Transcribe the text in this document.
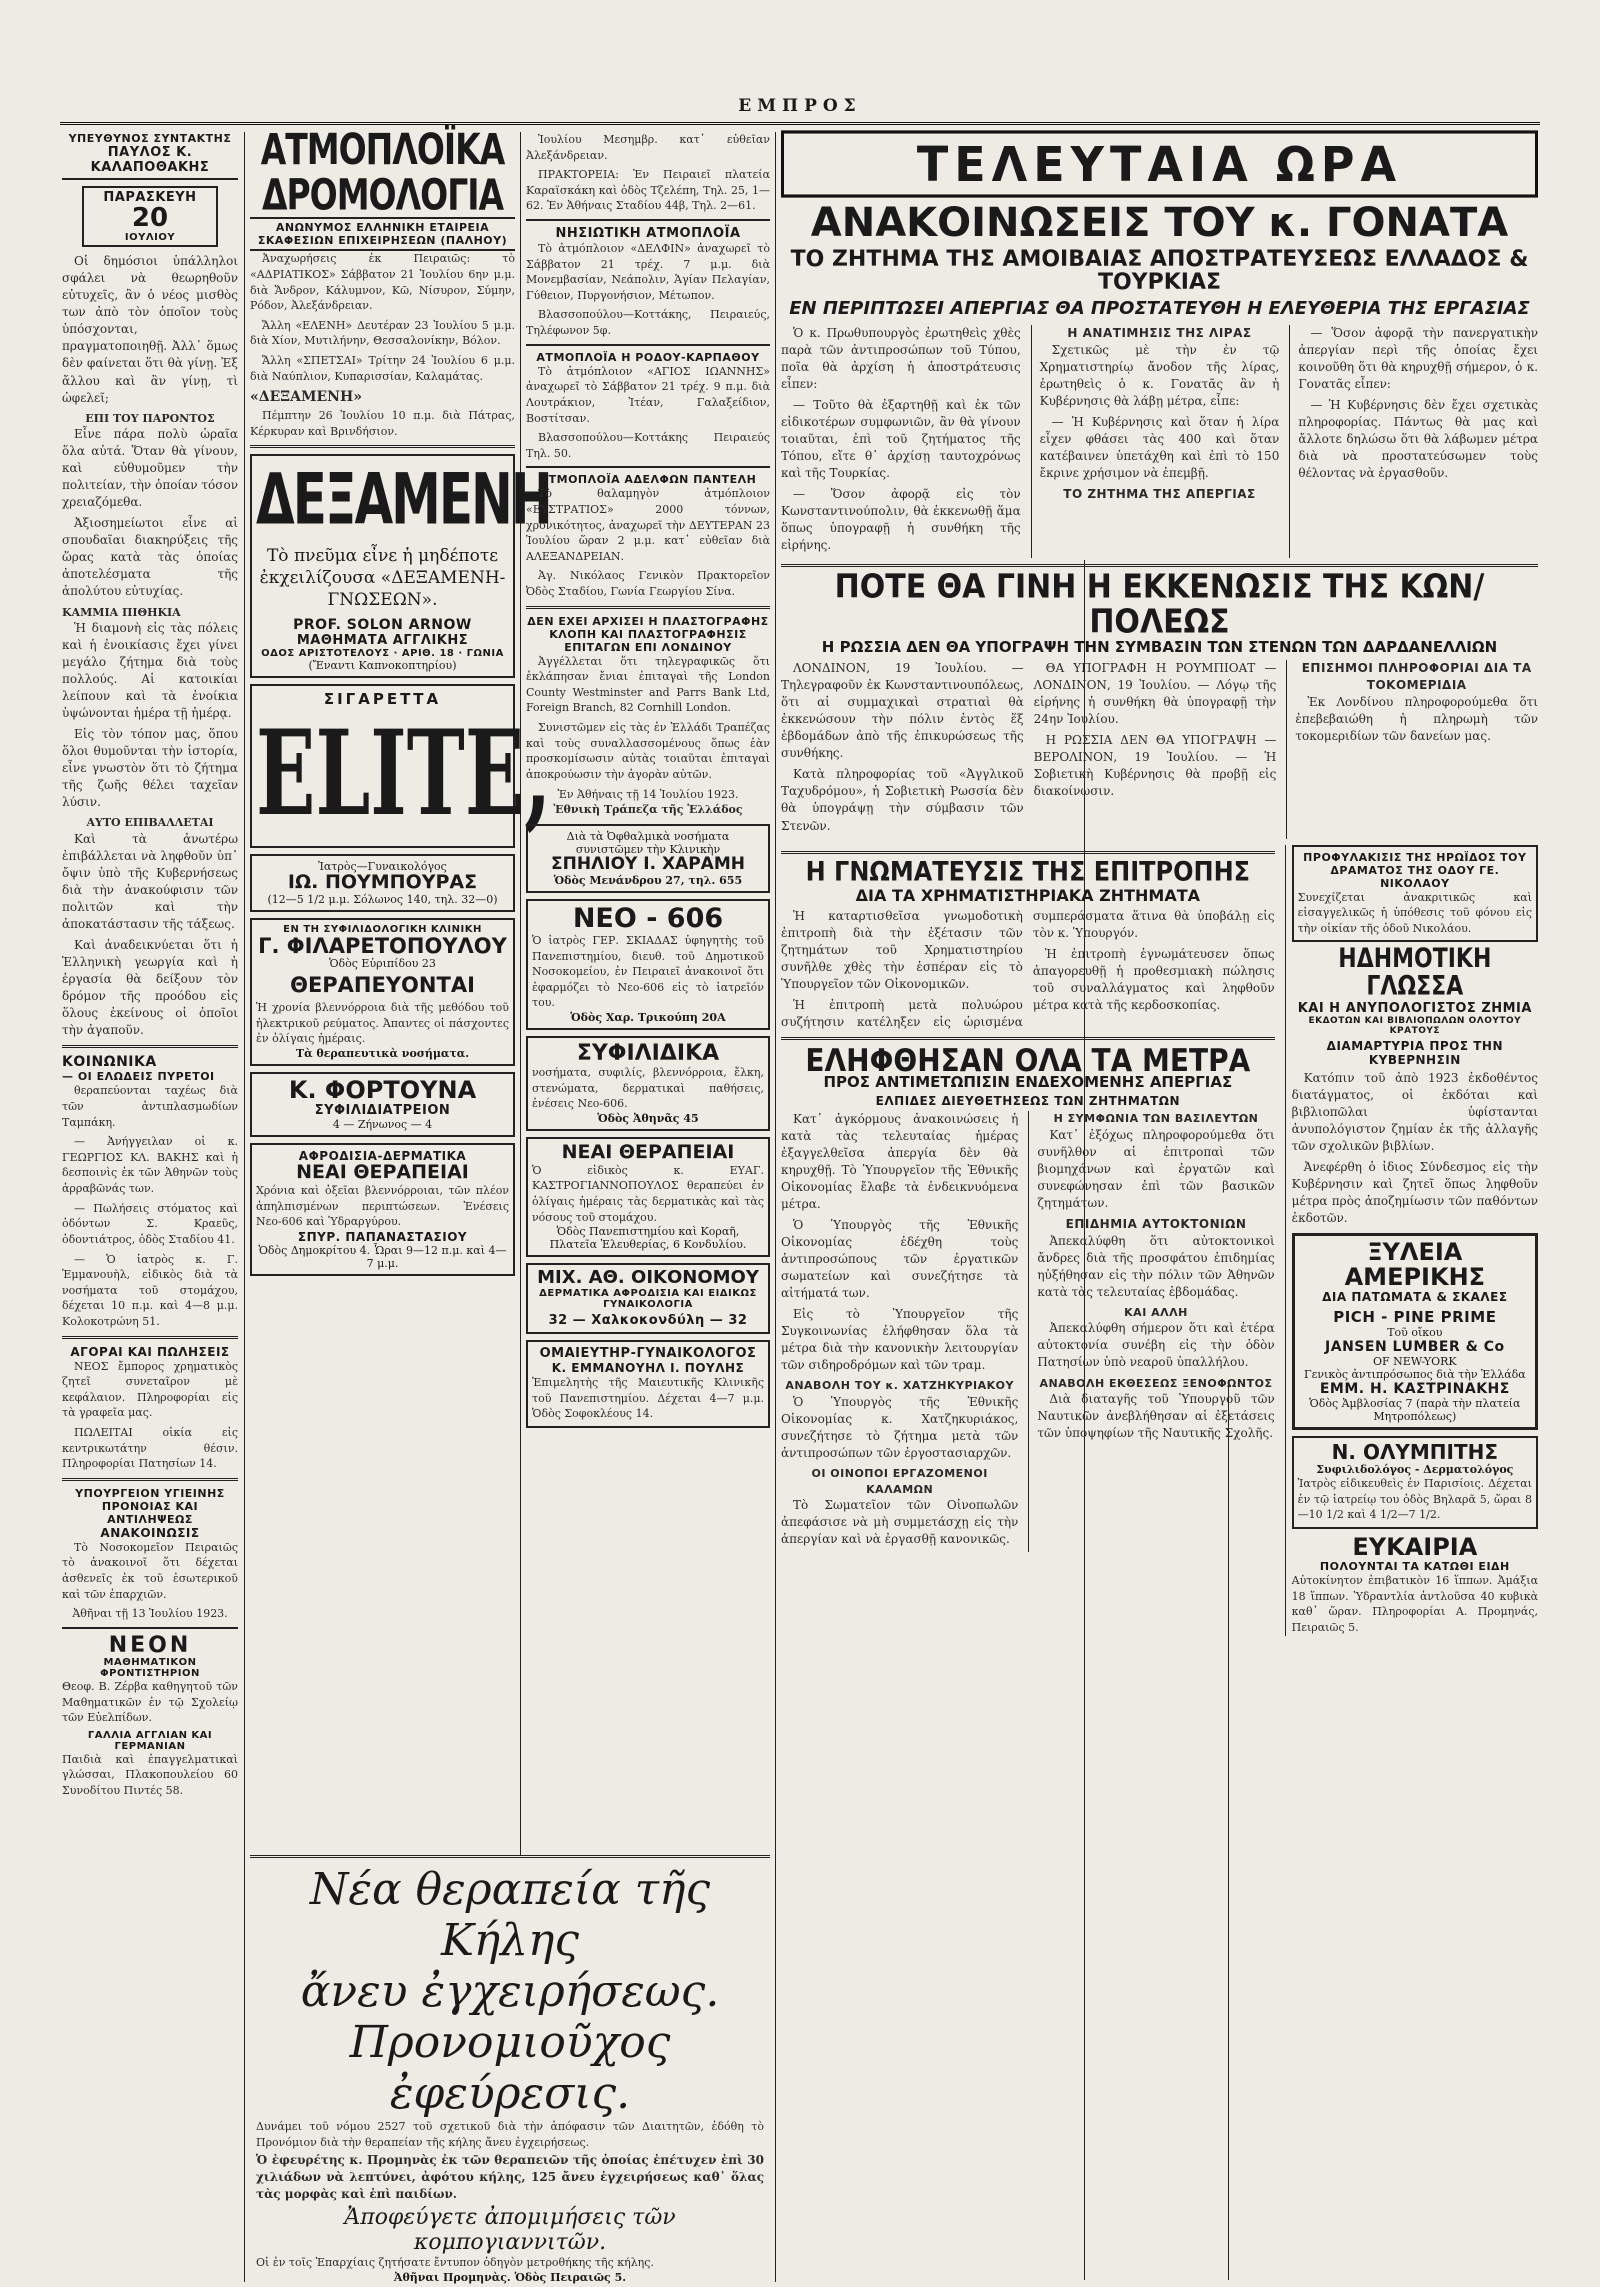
ΕΜΠΡΟΣ
ΥΠΕΥΘΥΝΟΣ ΣΥΝΤΑΚΤΗΣ
ΠΑΥΛΟΣ Κ. ΚΑΛΑΠΟΘΑΚΗΣ
ΠΑΡΑΣΚΕΥΗ
20
ΙΟΥΛΙΟΥ

Οἱ δημόσιοι ὑπάλληλοι σφάλει νὰ θεωρηθοῦν εὐτυχεῖς, ἂν ὁ νέος μισθὸς των ἀπὸ τὸν ὁποῖον τοὺς ὑπόσχονται, πραγματοποιηθῇ. Ἀλλ᾽ ὅμως δὲν φαίνεται ὅτι θὰ γίνῃ. Ἐξ ἄλλου καὶ ἂν γίνῃ, τὶ ὠφελεῖ;

ΕΠΙ ΤΟΥ ΠΑΡΟΝΤΟΣ

Εἶνε πάρα πολὺ ὡραῖα ὅλα αὐτά. Ὅταν θὰ γίνουν, καὶ εὐθυμοῦμεν τὴν πολιτείαν, τὴν ὁποίαν τόσον χρειαζόμεθα.

Ἀξιοσημείωτοι εἶνε αἱ σπουδαῖαι διακηρύξεις τῆς ὥρας κατὰ τὰς ὁποίας ἀποτελέσματα τῆς ἀπολύτου εὐτυχίας.

ΚΑΜΜΙΑ ΠΙΘΗΚΙΑ

Ἡ διαμονὴ εἰς τὰς πόλεις καὶ ἡ ἐνοικίασις ἔχει γίνει μεγάλο ζήτημα διὰ τοὺς πολλούς. Αἱ κατοικίαι λείπουν καὶ τὰ ἐνοίκια ὑψώνονται ἡμέρα τῇ ἡμέρᾳ.

Εἰς τὸν τόπον μας, ὅπου ὅλοι θυμοῦνται τὴν ἱστορία, εἶνε γνωστὸν ὅτι τὸ ζήτημα τῆς ζωῆς θέλει ταχεῖαν λύσιν.

ΑΥΤΟ ΕΠΙΒΑΛΛΕΤΑΙ

Καὶ τὰ ἀνωτέρω ἐπιβάλλεται νὰ ληφθοῦν ὑπ᾽ ὄψιν ὑπὸ τῆς Κυβερνήσεως διὰ τὴν ἀνακούφισιν τῶν πολιτῶν καὶ τὴν ἀποκατάστασιν τῆς τάξεως.

Καὶ ἀναδεικνύεται ὅτι ἡ Ἑλληνικὴ γεωργία καὶ ἡ ἐργασία θὰ δείξουν τὸν δρόμον τῆς προόδου εἰς ὅλους ἐκείνους οἱ ὁποῖοι τὴν ἀγαποῦν.

ΚΟΙΝΩΝΙΚΑ
— ΟΙ ΕΛΩΔΕΙΣ ΠΥΡΕΤΟΙ

θεραπεύονται ταχέως διὰ τῶν ἀντιπλασμωδίων Ταμπάκη.

— Ἀνήγγειλαν οἱ κ. ΓΕΩΡΓΙΟΣ ΚΛ. ΒΑΚΗΣ καὶ ἡ δεσποινὶς ἑκ τῶν Ἀθηνῶν τοὺς ἀρραβῶνάς των.

— Πωλήσεις στόματος καὶ ὀδόντων Σ. Κραεῦς, ὀδοντιάτρος, ὁδὸς Σταδίου 41.

— Ὁ ἰατρὸς κ. Γ. Ἐμμανουὴλ, εἰδικὸς διὰ τὰ νοσήματα τοῦ στομάχου, δέχεται 10 π.μ. καὶ 4—8 μ.μ. Κολοκοτρώνη 51.

ΑΓΟΡΑΙ ΚΑΙ ΠΩΛΗΣΕΙΣ

ΝΕΟΣ ἔμπορος χρηματικὸς ζητεῖ συνεταῖρον μὲ κεφάλαιον. Πληροφορίαι εἰς τὰ γραφεῖα μας.

ΠΩΛΕΙΤΑΙ οἰκία εἰς κεντρικωτάτην θέσιν. Πληροφορίαι Πατησίων 14.

ΥΠΟΥΡΓΕΙΟΝ ΥΓΙΕΙΝΗΣ ΠΡΟΝΟΙΑΣ ΚΑΙ ΑΝΤΙΛΗΨΕΩΣ
ΑΝΑΚΟΙΝΩΣΙΣ

Τὸ Νοσοκομεῖον Πειραιῶς τὸ ἀνακοινοῖ ὅτι δέχεται ἀσθενεῖς ἐκ τοῦ ἐσωτερικοῦ καὶ τῶν ἐπαρχιῶν.

Ἀθῆναι τῇ 13 Ἰουλίου 1923.
ΝΕΟΝ
ΜΑΘΗΜΑΤΙΚΟΝ ΦΡΟΝΤΙΣΤΗΡΙΟΝ
Θεοφ. Β. Ζέρβα καθηγητοῦ τῶν Μαθηματικῶν ἐν τῷ Σχολείῳ τῶν Εὐελπίδων.
ΓΑΛΛΙΑ ΑΓΓΛΙΑΝ ΚΑΙ ΓΕΡΜΑΝΙΑΝ
Παιδιὰ καὶ ἐπαγγελματικαὶ γλώσσαι, Πλακοπουλείου 60 Συνοδίτου Πιντές 58.
ΑΤΜΟΠΛΟΪΚΑ ΔΡΟΜΟΛΟΓΙΑ
ΑΝΩΝΥΜΟΣ ΕΛΛΗΝΙΚΗ ΕΤΑΙΡΕΙΑ ΣΚΑΦΕΣΙΩΝ ΕΠΙΧΕΙΡΗΣΕΩΝ (ΠΑΛΗΟΥ)

Ἀναχωρήσεις ἐκ Πειραιῶς: τὸ «ΑΔΡΙΑΤΙΚΟΣ» Σάββατον 21 Ἰουλίου 6ην μ.μ. διὰ Ἄνδρον, Κάλυμνον, Κῶ, Νίσυρον, Σύμην, Ρόδον, Ἀλεξάνδρειαν.

Ἄλλη «ΕΛΕΝΗ» Δευτέραν 23 Ἰουλίου 5 μ.μ. διὰ Χίον, Μυτιλήνην, Θεσσαλονίκην, Βόλον.

Ἄλλη «ΣΠΕΤΣΑΙ» Τρίτην 24 Ἰουλίου 6 μ.μ. διὰ Ναύπλιον, Κυπαρισσίαν, Καλαμάτας.

«ΔΕΞΑΜΕΝΗ»

Πέμπτην 26 Ἰουλίου 10 π.μ. διὰ Πάτρας, Κέρκυραν καὶ Βρινδήσιον.

ΔΕΞΑΜΕΝΗ
Τὸ πνεῦμα εἶνε ἡ μηδέποτε ἐκχειλίζουσα «ΔΕΞΑΜΕΝΗ-ΓΝΩΣΕΩΝ».
PROF. SOLON ARNOW
ΜΑΘΗΜΑΤΑ ΑΓΓΛΙΚΗΣ
ΟΔΟΣ ΑΡΙΣΤΟΤΕΛΟΥΣ · ΑΡΙΘ. 18 · ΓΩΝΙΑ
(Ἔναντι Καπνοκοπτηρίου)
ΣΙΓΑΡΕΤΤΑ
ELITE,
Ἰατρὸς—Γυναικολόγος
ΙΩ. ΠΟΥΜΠΟΥΡΑΣ
(12—5 1/2 μ.μ. Σόλωνος 140, τηλ. 32—0)
ΕΝ ΤΗ ΣΥΦΙΛΙΔΟΛΟΓΙΚΗ ΚΛΙΝΙΚΗ
Γ. ΦΙΛΑΡΕΤΟΠΟΥΛΟΥ
Ὁδὸς Εὐριπίδου 23
ΘΕΡΑΠΕΥΟΝΤΑΙ
Ἡ χρονία βλεννόρροια διὰ τῆς μεθόδου τοῦ ἠλεκτρικοῦ ρεύματος. Ἀπαντες οἱ πάσχοντες ἐν ὀλίγαις ἡμέραις.
Τὰ θεραπευτικὰ νοσήματα.
Κ. ΦΟΡΤΟΥΝΑ
ΣΥΦΙΛΙΔΙΑΤΡΕΙΟΝ
4 — Ζήνωνος — 4
ΑΦΡΟΔΙΣΙΑ-ΔΕΡΜΑΤΙΚΑ
ΝΕΑΙ ΘΕΡΑΠΕΙΑΙ
Χρόνια καὶ ὀξεῖαι βλεννόρροιαι, τῶν πλέον ἀπηλπισμένων περιπτώσεων. Ἐνέσεις Νεο-606 καὶ Ὑδραργύρου.
ΣΠΥΡ. ΠΑΠΑΝΑΣΤΑΣΙΟΥ
Ὁδὸς Δημοκρίτου 4. Ὧραι 9—12 π.μ. καὶ 4—7 μ.μ.

Ἰουλίου Μεσημβρ. κατ᾽ εὐθεῖαν Ἀλεξάνδρειαν.

ΠΡΑΚΤΟΡΕΙΑ: Ἐν Πειραιεῖ πλατεία Καραϊσκάκη καὶ ὁδὸς Τζελέπη, Τηλ. 25, 1—62. Ἐν Ἀθήναις Σταδίου 44β, Τηλ. 2—61.

ΝΗΣΙΩΤΙΚΗ ΑΤΜΟΠΛΟΪΑ

Τὸ ἀτμόπλοιον «ΔΕΛΦΙΝ» ἀναχωρεῖ τὸ Σάββατον 21 τρέχ. 7 μ.μ. διὰ Μονεμβασίαν, Νεάπολιν, Ἁγίαν Πελαγίαν, Γύθειον, Πυργονήσιον, Μέτωπον.

Βλασσοπούλου—Κοττάκης, Πειραιεύς, Τηλέφωνον 5φ.

ΑΤΜΟΠΛΟΪΑ Η ΡΟΔΟΥ-ΚΑΡΠΑΘΟΥ

Τὸ ἀτμόπλοιον «ΑΓΙΟΣ ΙΩΑΝΝΗΣ» ἀναχωρεῖ τὸ Σάββατον 21 τρέχ. 9 π.μ. διὰ Λουτράκιον, Ἰτέαν, Γαλαξείδιον, Βοστίτσαν.

Βλασσοπούλου—Κοττάκης Πειραιεύς Τηλ. 50.

ΑΤΜΟΠΛΟΪΑ ΑΔΕΛΦΩΝ ΠΑΝΤΕΛΗ

Τὸ θαλαμηγὸν ἀτμόπλοιον «ΕΥΣΤΡΑΤΙΟΣ» 2000 τόννων, χρονικότητος, ἀναχωρεῖ τὴν ΔΕΥΤΕΡΑΝ 23 Ἰουλίου ὥραν 2 μ.μ. κατ᾽ εὐθεῖαν διὰ ΑΛΕΞΑΝΔΡΕΙΑΝ.

Ἀγ. Νικόλαος Γενικὸν Πρακτορεῖον Ὀδὸς Σταδίου, Γωνία Γεωργίου Σίνα.

ΔΕΝ ΕΧΕΙ ΑΡΧΙΣΕΙ Η ΠΛΑΣΤΟΓΡΑΦΗΣ ΚΛΟΠΗ ΚΑΙ ΠΛΑΣΤΟΓΡΑΦΗΣΙΣ ΕΠΙΤΑΓΩΝ ΕΠΙ ΛΟΝΔΙΝΟΥ

Ἀγγέλλεται ὅτι τηλεγραφικῶς ὅτι ἐκλάπησαν ἔνιαι ἐπιταγαὶ τῆς London County Westminster and Parrs Bank Ltd, Foreign Branch, 82 Cornhill London.

Συνιστῶμεν εἰς τὰς ἐν Ἑλλάδι Τραπέζας καὶ τοὺς συναλλασσομένους ὅπως ἐὰν προσκομίσωσιν αὐτὰς τοιαῦται ἐπιταγαὶ ἀποκρούωσιν τὴν ἀγορὰν αὐτῶν.

Ἐν Ἀθήναις τῇ 14 Ἰουλίου 1923.
Ἐθνικὴ Τράπεζα τῆς Ἑλλάδος
Διὰ τὰ Ὀφθαλμικὰ νοσήματα συνιστῶμεν τὴν Κλινικὴν
ΣΠΗΛΙΟΥ Ι. ΧΑΡΑΜΗ
Ὁδὸς Μενάνδρου 27, τηλ. 655
ΝΕΟ - 606
Ὁ ἰατρὸς ΓΕΡ. ΣΚΙΑΔΑΣ ὑφηγητὴς τοῦ Πανεπιστημίου, διευθ. τοῦ Δημοτικοῦ Νοσοκομείου, ἐν Πειραιεῖ ἀνακοινοῖ ὅτι ἐφαρμόζει τὸ Νεο-606 εἰς τὸ ἰατρεῖόν του.
Ὁδὸς Χαρ. Τρικούπη 20Α
ΣΥΦΙΛΙΔΙΚΑ
νοσήματα, συφιλίς, βλεννόρροια, ἔλκη, στενώματα, δερματικαὶ παθήσεις, ἐνέσεις Νεο-606.
Ὁδὸς Ἀθηνᾶς 45
ΝΕΑΙ ΘΕΡΑΠΕΙΑΙ
Ὁ εἰδικὸς κ. ΕΥΑΓ. ΚΑΣΤΡΟΓΙΑΝΝΟΠΟΥΛΟΣ θεραπεύει ἐν ὀλίγαις ἡμέραις τὰς δερματικὰς καὶ τὰς νόσους τοῦ στομάχου.
Ὁδὸς Πανεπιστημίου καὶ Κοραῆ, Πλατεῖα Ἐλευθερίας, 6 Κονδυλίου.
ΜΙΧ. ΑΘ. ΟΙΚΟΝΟΜΟΥ
ΔΕΡΜΑΤΙΚΑ ΑΦΡΟΔΙΣΙΑ ΚΑΙ ΕΙΔΙΚΩΣ ΓΥΝΑΙΚΟΛΟΓΙΑ
32 — Χαλκοκονδύλη — 32
ΟΜΑΙΕΥΤΗΡ-ΓΥΝΑΙΚΟΛΟΓΟΣ
Κ. ΕΜΜΑΝΟΥΗΛ Ι. ΠΟΥΛΗΣ
Ἐπιμελητὴς τῆς Μαιευτικῆς Κλινικῆς τοῦ Πανεπιστημίου. Δέχεται 4—7 μ.μ. Ὁδὸς Σοφοκλέους 14.
Νέα θεραπεία τῆς Κήλης
ἄνευ ἐγχειρήσεως.
Προνομιοῦχος ἐφεύρεσις.
Δυνάμει τοῦ νόμου 2527 τοῦ σχετικοῦ διὰ τὴν ἀπόφασιν τῶν Διαιτητῶν, ἐδόθη τὸ Προνόμιον διὰ τὴν θεραπείαν τῆς κήλης ἄνευ ἐγχειρήσεως.
Ὁ ἐφευρέτης κ. Προμηνὰς ἐκ τῶν θεραπειῶν τῆς ὁποίας ἐπέτυχεν ἐπὶ 30 χιλιάδων νὰ λεπτύνει, ἀφότου κήλης, 125 ἄνευ ἐγχειρήσεως καθ᾽ ὅλας τὰς μορφὰς καὶ ἐπὶ παιδίων.
Ἀποφεύγετε ἀπομιμήσεις τῶν κομπογιαννιτῶν.
Οἱ ἐν τοῖς Ἐπαρχίαις ζητήσατε ἔντυπον ὁδηγὸν μετροθήκης τῆς κήλης.
Ἀθῆναι Προμηνὰς. Ὁδὸς Πειραιῶς 5.
ΤΕΛΕΥΤΑΙΑ ΩΡΑ
ΑΝΑΚΟΙΝΩΣΕΙΣ ΤΟΥ κ. ΓΟΝΑΤΑ
ΤΟ ΖΗΤΗΜΑ ΤΗΣ ΑΜΟΙΒΑΙΑΣ ΑΠΟΣΤΡΑΤΕΥΣΕΩΣ ΕΛΛΑΔΟΣ & ΤΟΥΡΚΙΑΣ
ΕΝ ΠΕΡΙΠΤΩΣΕΙ ΑΠΕΡΓΙΑΣ ΘΑ ΠΡΟΣΤΑΤΕΥΘΗ Η ΕΛΕΥΘΕΡΙΑ ΤΗΣ ΕΡΓΑΣΙΑΣ

Ὁ κ. Πρωθυπουργὸς ἐρωτηθεὶς χθὲς παρὰ τῶν ἀντιπροσώπων τοῦ Τύπου, ποῖα θὰ ἀρχίση ἡ ἀποστράτευσις εἶπεν:

— Τοῦτο θὰ ἐξαρτηθῇ καὶ ἐκ τῶν εἰδικοτέρων συμφωνιῶν, ἂν θὰ γίνουν τοιαῦται, ἐπὶ τοῦ ζητήματος τῆς Τόπου, εἴτε θ᾽ ἀρχίσῃ ταυτοχρόνως καὶ τῆς Τουρκίας.

— Ὅσον ἀφορᾷ εἰς τὸν Κωνσταντινούπολιν, θὰ ἐκκενωθῇ ἅμα ὅπως ὑπογραφῇ ἡ συνθήκη τῆς εἰρήνης.

Η ΑΝΑΤΙΜΗΣΙΣ ΤΗΣ ΛΙΡΑΣ

Σχετικῶς μὲ τὴν ἐν τῷ Χρηματιστηρίῳ ἄνοδον τῆς λίρας, ἐρωτηθεὶς ὁ κ. Γονατᾶς ἂν ἡ Κυβέρνησις θὰ λάβῃ μέτρα, εἶπε:

— Ἡ Κυβέρνησις καὶ ὅταν ἡ λίρα εἶχεν φθάσει τὰς 400 καὶ ὅταν κατέβαινεν ὑπετάχθη καὶ ἐπὶ τὸ 150 ἔκρινε χρήσιμον νὰ ἐπεμβῇ.

ΤΟ ΖΗΤΗΜΑ ΤΗΣ ΑΠΕΡΓΙΑΣ

— Ὅσον ἀφορᾷ τὴν πανεργατικὴν ἀπεργίαν περὶ τῆς ὁποίας ἔχει κοινοῦθη ὅτι θὰ κηρυχθῇ σήμερον, ὁ κ. Γονατᾶς εἶπεν:

— Ἡ Κυβέρνησις δὲν ἔχει σχετικὰς πληροφορίας. Πάντως θὰ μας καὶ ἄλλοτε δηλώσω ὅτι θὰ λάβωμεν μέτρα διὰ νὰ προστατεύσωμεν τοὺς θέλοντας νὰ ἐργασθοῦν.

ΠΟΤΕ ΘΑ ΓΙΝΗ Η ΕΚΚΕΝΩΣΙΣ ΤΗΣ ΚΩΝ/ΠΟΛΕΩΣ
Η ΡΩΣΣΙΑ ΔΕΝ ΘΑ ΥΠΟΓΡΑΨΗ ΤΗΝ ΣΥΜΒΑΣΙΝ ΤΩΝ ΣΤΕΝΩΝ ΤΩΝ ΔΑΡΔΑΝΕΛΛΙΩΝ

ΛΟΝΔΙΝΟΝ, 19 Ἰουλίου. — Τηλεγραφοῦν ἐκ Κωνσταντινουπόλεως, ὅτι αἱ συμμαχικαὶ στρατιαὶ θὰ ἐκκενώσουν τὴν πόλιν ἐντὸς ἕξ ἑβδομάδων ἀπὸ τῆς ἐπικυρώσεως τῆς συνθήκης.

Κατὰ πληροφορίας τοῦ «Ἀγγλικοῦ Ταχυδρόμου», ἡ Σοβιετικὴ Ρωσσία δὲν θὰ ὑπογράψῃ τὴν σύμβασιν τῶν Στενῶν.

ΘΑ ΥΠΟΓΡΑΦΗ Η ΡΟΥΜΠΙΟΑΤ — ΛΟΝΔΙΝΟΝ, 19 Ἰουλίου. — Λόγῳ τῆς εἰρήνης ἡ συνθήκη θὰ ὑπογραφῇ τὴν 24ην Ἰουλίου.

Η ΡΩΣΣΙΑ ΔΕΝ ΘΑ ΥΠΟΓΡΑΨΗ — ΒΕΡΟΛΙΝΟΝ, 19 Ἰουλίου. — Ἡ Σοβιετικὴ Κυβέρνησις θὰ προβῇ εἰς διακοίνωσιν.

ΕΠΙΣΗΜΟΙ ΠΛΗΡΟΦΟΡΙΑΙ ΔΙΑ ΤΑ ΤΟΚΟΜΕΡΙΔΙΑ

Ἐκ Λονδίνου πληροφορούμεθα ὅτι ἐπεβεβαιώθη ἡ πληρωμὴ τῶν τοκομεριδίων τῶν δανείων μας.

Η ΓΝΩΜΑΤΕΥΣΙΣ ΤΗΣ ΕΠΙΤΡΟΠΗΣ
ΔΙΑ ΤΑ ΧΡΗΜΑΤΙΣΤΗΡΙΑΚΑ ΖΗΤΗΜΑΤΑ

Ἡ καταρτισθεῖσα γνωμοδοτικὴ ἐπιτροπὴ διὰ τὴν ἐξέτασιν τῶν ζητημάτων τοῦ Χρηματιστηρίου συνῆλθε χθὲς τὴν ἑσπέραν εἰς τὸ Ὑπουργεῖον τῶν Οἰκονομικῶν.

Ἡ ἐπιτροπὴ μετὰ πολυώρου συζήτησιν κατέληξεν εἰς ὡρισμένα συμπεράσματα ἅτινα θὰ ὑποβάλῃ εἰς τὸν κ. Ὑπουργόν.

Ἡ ἐπιτροπὴ ἐγνωμάτευσεν ὅπως ἀπαγορευθῇ ἡ προθεσμιακὴ πώλησις τοῦ συναλλάγματος καὶ ληφθοῦν μέτρα κατὰ τῆς κερδοσκοπίας.

ΕΛΗΦΘΗΣΑΝ ΟΛΑ ΤΑ ΜΕΤΡΑ
ΠΡΟΣ ΑΝΤΙΜΕΤΩΠΙΣΙΝ ΕΝΔΕΧΟΜΕΝΗΣ ΑΠΕΡΓΙΑΣ
ΕΛΠΙΔΕΣ ΔΙΕΥΘΕΤΗΣΕΩΣ ΤΩΝ ΖΗΤΗΜΑΤΩΝ

Κατ᾽ ἀγκόρμους ἀνακοινώσεις ἡ κατὰ τὰς τελευταίας ἡμέρας ἐξαγγελθεῖσα ἀπεργία δὲν θὰ κηρυχθῇ. Τὸ Ὑπουργεῖον τῆς Ἐθνικῆς Οἰκονομίας ἔλαβε τὰ ἐνδεικνυόμενα μέτρα.

Ὁ Ὑπουργὸς τῆς Ἐθνικῆς Οἰκονομίας ἐδέχθη τοὺς ἀντιπροσώπους τῶν ἐργατικῶν σωματείων καὶ συνεζήτησε τὰ αἰτήματά των.

Εἰς τὸ Ὑπουργεῖον τῆς Συγκοινωνίας ἐλήφθησαν ὅλα τὰ μέτρα διὰ τὴν κανονικὴν λειτουργίαν τῶν σιδηροδρόμων καὶ τῶν τραμ.

ΑΝΑΒΟΛΗ ΤΟΥ κ. ΧΑΤΖΗΚΥΡΙΑΚΟΥ

Ὁ Ὑπουργὸς τῆς Ἐθνικῆς Οἰκονομίας κ. Χατζηκυριάκος, συνεζήτησε τὸ ζήτημα μετὰ τῶν ἀντιπροσώπων τῶν ἐργοστασιαρχῶν.

ΟΙ ΟΙΝΟΠΟΙ ΕΡΓΑΖΟΜΕΝΟΙ ΚΑΛΑΜΩΝ

Τὸ Σωματεῖον τῶν Οἰνοπωλῶν ἀπεφάσισε νὰ μὴ συμμετάσχῃ εἰς τὴν ἀπεργίαν καὶ νὰ ἐργασθῇ κανονικῶς.

Η ΣΥΜΦΩΝΙΑ ΤΩΝ ΒΑΣΙΛΕΥΤΩΝ

Κατ᾽ ἐξόχως πληροφορούμεθα ὅτι συνῆλθον αἱ ἐπιτροπαὶ τῶν βιομηχάνων καὶ ἐργατῶν καὶ συνεφώνησαν ἐπὶ τῶν βασικῶν ζητημάτων.

ΕΠΙΔΗΜΙΑ ΑΥΤΟΚΤΟΝΙΩΝ

Ἀπεκαλύφθη ὅτι αὐτοκτονικοὶ ἄνδρες διὰ τῆς προσφάτου ἐπιδημίας ηὐξήθησαν εἰς τὴν πόλιν τῶν Ἀθηνῶν κατὰ τὰς τελευταίας ἑβδομάδας.

ΚΑΙ ΑΛΛΗ

Ἀπεκαλύφθη σήμερον ὅτι καὶ ἑτέρα αὐτοκτονία συνέβη εἰς τὴν ὁδὸν Πατησίων ὑπὸ νεαροῦ ὑπαλλήλου.

ΑΝΑΒΟΛΗ ΕΚΘΕΣΕΩΣ ΞΕΝΟΦΩΝΤΟΣ

Διὰ διαταγῆς τοῦ Ὑπουργοῦ τῶν Ναυτικῶν ἀνεβλήθησαν αἱ ἐξετάσεις τῶν ὑποψηφίων τῆς Ναυτικῆς Σχολῆς.

ΠΡΟΦΥΛΑΚΙΣΙΣ ΤΗΣ ΗΡΩΪΔΟΣ ΤΟΥ ΔΡΑΜΑΤΟΣ ΤΗΣ ΟΔΟΥ ΓΕ. ΝΙΚΟΛΑΟΥ
Συνεχίζεται ἀνακριτικῶς καὶ εἰσαγγελικῶς ἡ ὑπόθεσις τοῦ φόνου εἰς τὴν οἰκίαν τῆς ὁδοῦ Νικολάου.
ΗΔΗΜΟΤΙΚΗ ΓΛΩΣΣΑ
ΚΑΙ Η ΑΝΥΠΟΛΟΓΙΣΤΟΣ ΖΗΜΙΑ
ΕΚΔΟΤΩΝ ΚΑΙ ΒΙΒΛΙΟΠΩΛΩΝ ΟΛΟΥΤΟΥ ΚΡΑΤΟΥΣ
ΔΙΑΜΑΡΤΥΡΙΑ ΠΡΟΣ ΤΗΝ ΚΥΒΕΡΝΗΣΙΝ

Κατόπιν τοῦ ἀπὸ 1923 ἐκδοθέντος διατάγματος, οἱ ἐκδόται καὶ βιβλιοπῶλαι ὑφίστανται ἀνυπολόγιστον ζημίαν ἐκ τῆς ἀλλαγῆς τῶν σχολικῶν βιβλίων.

Ἀνεφέρθη ὁ ἰδιος Σύνδεσμος εἰς τὴν Κυβέρνησιν καὶ ζητεῖ ὅπως ληφθοῦν μέτρα πρὸς ἀποζημίωσιν τῶν παθόντων ἐκδοτῶν.

ΞΥΛΕΙΑ ΑΜΕΡΙΚΗΣ
ΔΙΑ ΠΑΤΩΜΑΤΑ & ΣΚΑΛΕΣ
PICH - PINE PRIME
Τοῦ οἴκου
JANSEN LUMBER & Co
OF NEW-YORK
Γενικὸς ἀντιπρόσωπος διὰ τὴν Ἑλλάδα
ΕΜΜ. Η. ΚΑΣΤΡΙΝΑΚΗΣ
Ὁδὸς Ἀμβλοσίας 7 (παρὰ τὴν πλατεία Μητροπόλεως)
Ν. ΟΛΥΜΠΙΤΗΣ
Συφιλιδολόγος - Δερματολόγος
Ἰατρὸς εἰδικευθεὶς ἐν Παρισίοις. Δέχεται ἐν τῷ ἰατρείῳ του ὁδὸς Βηλαρᾶ 5, ὥραι 8—10 1/2 καὶ 4 1/2—7 1/2.
ΕΥΚΑΙΡΙΑ
ΠΟΛΟΥΝΤΑΙ ΤΑ ΚΑΤΩΘΙ ΕΙΔΗ
Αὐτοκίνητον ἐπιβατικὸν 16 ἵππων. Ἀμάξια 18 ἵππων. Ὑδραντλία ἀντλοῦσα 40 κυβικὰ καθ᾽ ὥραν. Πληροφορίαι Α. Προμηνάς, Πειραιῶς 5.
